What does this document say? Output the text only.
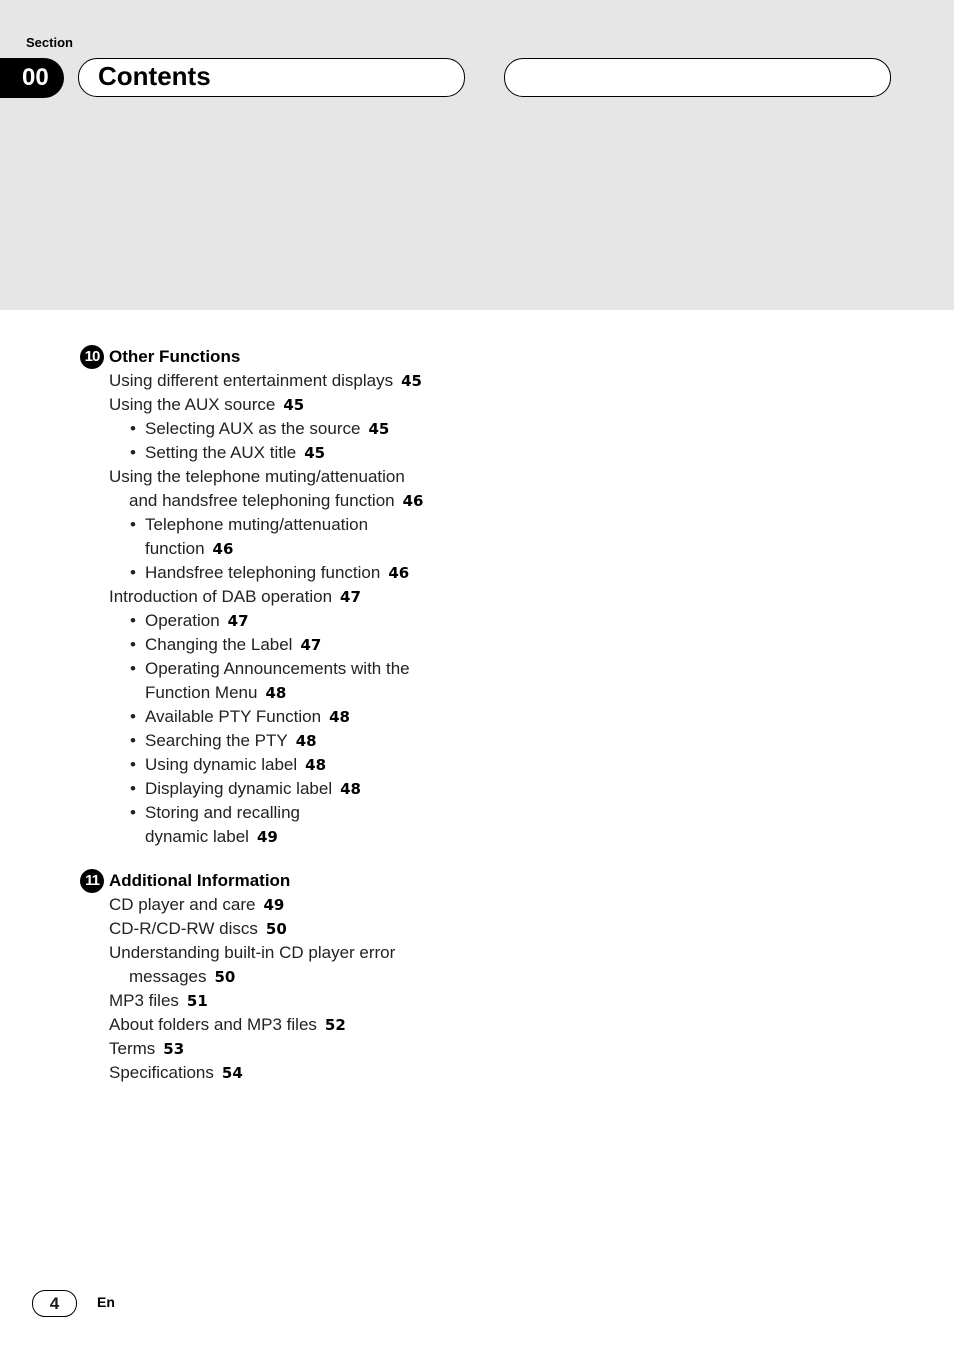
Section
00	Contents
10 Other Functions
Using different entertainment displays 45
Using the AUX source 45
• Selecting AUX as the source 45
• Setting the AUX title 45
Using the telephone muting/attenuation
and handsfree telephoning function 46
• Telephone muting/attenuation
function 46
• Handsfree telephoning function 46
Introduction of DAB operation 47
• Operation 47
• Changing the Label 47
• Operating Announcements with the
Function Menu 48
• Available PTY Function 48
• Searching the PTY 48
• Using dynamic label 48
• Displaying dynamic label 48
• Storing and recalling
dynamic label 49
11 Additional Information
CD player and care 49
CD-R/CD-RW discs 50
Understanding built-in CD player error
messages 50
MP3 files 51
About folders and MP3 files 52
Terms 53
Specifications 54
4	En
